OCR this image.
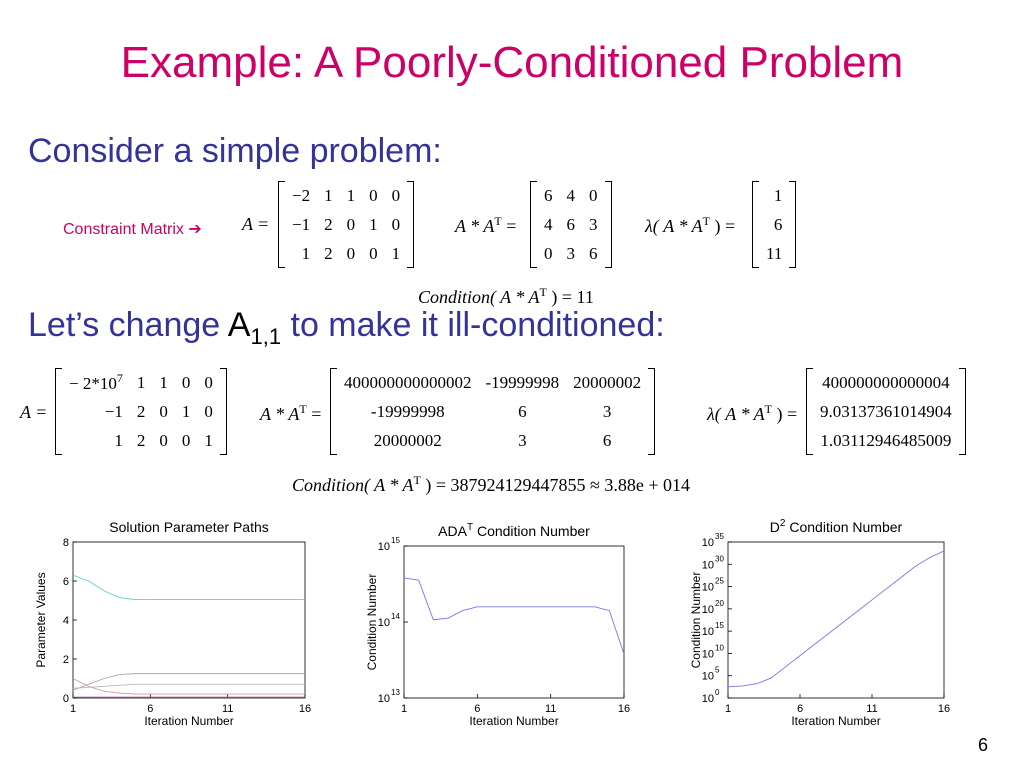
Example: A Poorly-Conditioned Problem
Consider a simple problem:
Constraint Matrix ➔ A =
−2	1	1	0	0
−1	2	0	1	0
1	2	0	0	1
A * $A^T$ =
6	4	0
4	6	3
0	3	6
λ( A * $A^T$ ) =
1
6
11
Condition( A * $A^T$ ) = 11
Let’s change $A_{1,1}$ to make it ill-conditioned:
A =
− $2*10^7$	1	1	0	0
−1	2	0	1	0
1	2	0	0	1
A * $A^T$ =
400000000000002	-19999998	20000002
-19999998	6	3
20000002	3	6
λ( A * $A^T$ ) =
400000000000004
9.03137361014904
1.03112946485009
Condition( A * $A^T$ ) = 387924129447855 ≈ 3.88e + 014
Solution Parameter Paths
1	6	11	16
Iteration Number
Parameter Values
0
2
4
6
8
$ADA^T$ Condition Number
1	6	11	16
Iteration Number
Condition Number
10
13
10
14
10
15
$D^2$ Condition Number
1	6	11	16
Iteration Number
Condition Number
10
0
10
5
10
10
10
15
10
20
10
25
10
30
10
35
6
